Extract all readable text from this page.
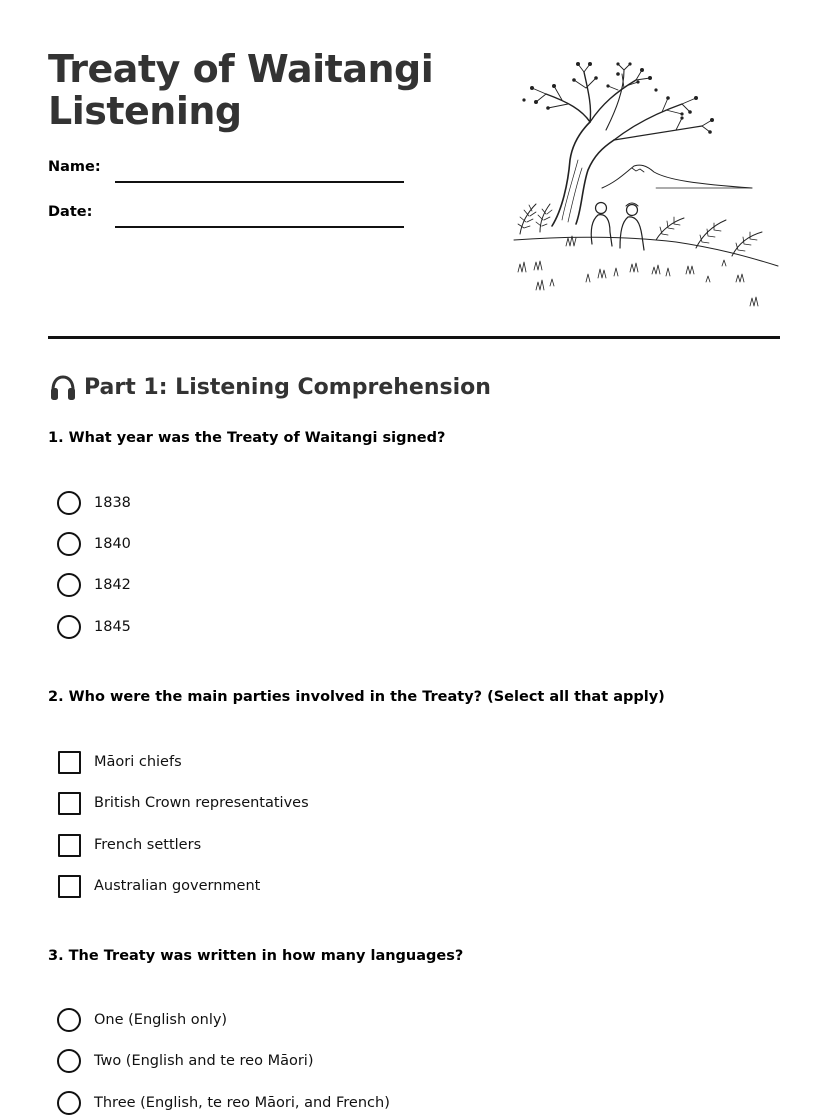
Treaty of Waitangi
Listening
Name:
Date:
Part 1: Listening Comprehension

1. What year was the Treaty of Waitangi signed?

1838
1840
1842
1845

2. Who were the main parties involved in the Treaty? (Select all that apply)

Māori chiefs
British Crown representatives
French settlers
Australian government

3. The Treaty was written in how many languages?

One (English only)
Two (English and te reo Māori)
Three (English, te reo Māori, and French)
